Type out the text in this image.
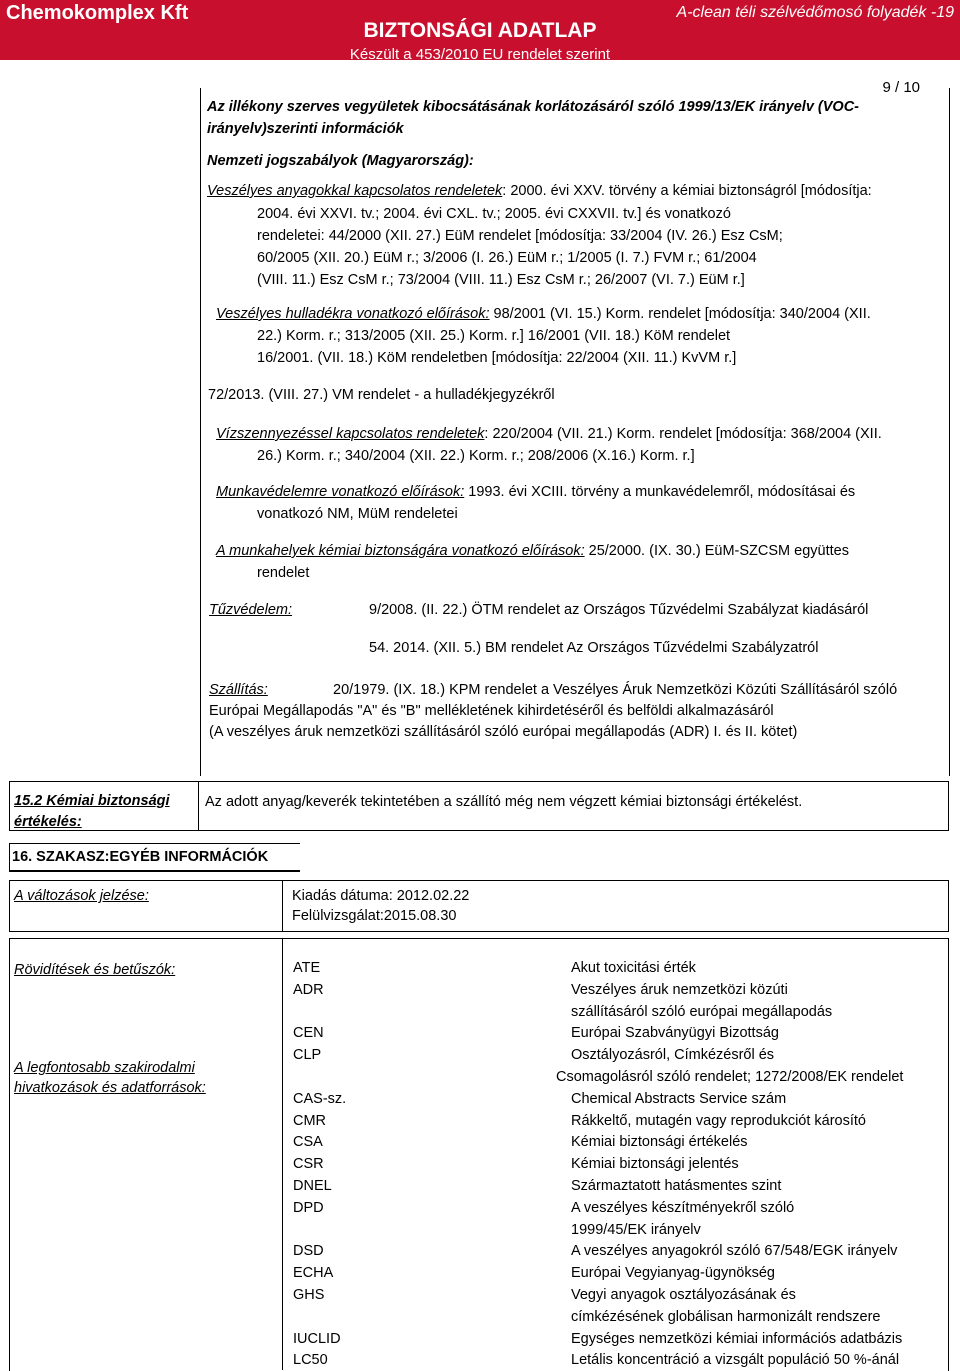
Chemokomplex Kft
BIZTONSÁGI ADATLAP
Készült a 453/2010 EU rendelet szerint
A-clean téli szélvédőmosó folyadék -19
9 / 10
Az illékony szerves vegyületek kibocsátásának korlátozásáról szóló 1999/13/EK irányelv (VOC-
irányelv)szerinti információk
Nemzeti jogszabályok (Magyarország):
Veszélyes anyagokkal kapcsolatos rendeletek: 2000. évi XXV. törvény a kémiai biztonságról [módosítja:
2004. évi XXVI. tv.; 2004. évi CXL. tv.; 2005. évi CXXVII. tv.] és vonatkozó
rendeletei: 44/2000 (XII. 27.) EüM rendelet [módosítja: 33/2004 (IV. 26.) Esz CsM;
60/2005 (XII. 20.) EüM r.; 3/2006 (I. 26.) EüM r.; 1/2005 (I. 7.) FVM r.; 61/2004
(VIII. 11.) Esz CsM r.; 73/2004 (VIII. 11.) Esz CsM r.; 26/2007 (VI. 7.) EüM r.]
Veszélyes hulladékra vonatkozó előírások: 98/2001 (VI. 15.) Korm. rendelet [módosítja: 340/2004 (XII.
22.) Korm. r.; 313/2005 (XII. 25.) Korm. r.] 16/2001 (VII. 18.) KöM rendelet
16/2001. (VII. 18.) KöM rendeletben [módosítja: 22/2004 (XII. 11.) KvVM r.]
72/2013. (VIII. 27.) VM rendelet - a hulladékjegyzékről
Vízszennyezéssel kapcsolatos rendeletek: 220/2004 (VII. 21.) Korm. rendelet [módosítja: 368/2004 (XII.
26.) Korm. r.; 340/2004 (XII. 22.) Korm. r.; 208/2006 (X.16.) Korm. r.]
Munkavédelemre vonatkozó előírások: 1993. évi XCIII. törvény a munkavédelemről, módosításai és
vonatkozó NM, MüM rendeletei
A munkahelyek kémiai biztonságára vonatkozó előírások: 25/2000. (IX. 30.) EüM-SZCSM együttes
rendelet
Tűzvédelem:	9/2008. (II. 22.) ÖTM rendelet az Országos Tűzvédelmi Szabályzat kiadásáról
54. 2014. (XII. 5.) BM rendelet Az Országos Tűzvédelmi Szabályzatról
Szállítás:	20/1979. (IX. 18.) KPM rendelet a Veszélyes Áruk Nemzetközi Közúti Szállításáról szóló
Európai Megállapodás "A" és "B" mellékletének kihirdetéséről és belföldi alkalmazásáról
(A veszélyes áruk nemzetközi szállításáról szóló európai megállapodás (ADR) I. és II. kötet)
15.2 Kémiai biztonsági
értékelés:
Az adott anyag/keverék tekintetében a szállító még nem végzett kémiai biztonsági értékelést.
16. SZAKASZ:EGYÉB INFORMÁCIÓK
A változások jelzése:	Kiadás dátuma: 2012.02.22
Felülvizsgálat:2015.08.30
Rövidítések és betűszók:
A legfontosabb szakirodalmi
hivatkozások és adatforrások:
ATE	Akut toxicitási érték
ADR	Veszélyes áruk nemzetközi közúti
szállításáról szóló európai megállapodás
CEN	Európai Szabványügyi Bizottság
CLP	Osztályozásról, Címkézésről és
Csomagolásról szóló rendelet; 1272/2008/EK rendelet
CAS-sz.	Chemical Abstracts Service szám
CMR	Rákkeltő, mutagén vagy reprodukciót károsító
CSA	Kémiai biztonsági értékelés
CSR	Kémiai biztonsági jelentés
DNEL	Származtatott hatásmentes szint
DPD	A veszélyes készítményekről szóló
1999/45/EK irányelv
DSD	A veszélyes anyagokról szóló 67/548/EGK irányelv
ECHA	Európai Vegyianyag-ügynökség
GHS	Vegyi anyagok osztályozásának és
címkézésének globálisan harmonizált rendszere
IUCLID	Egységes nemzetközi kémiai információs adatbázis
LC50	Letális koncentráció a vizsgált populáció 50 %-ánál
